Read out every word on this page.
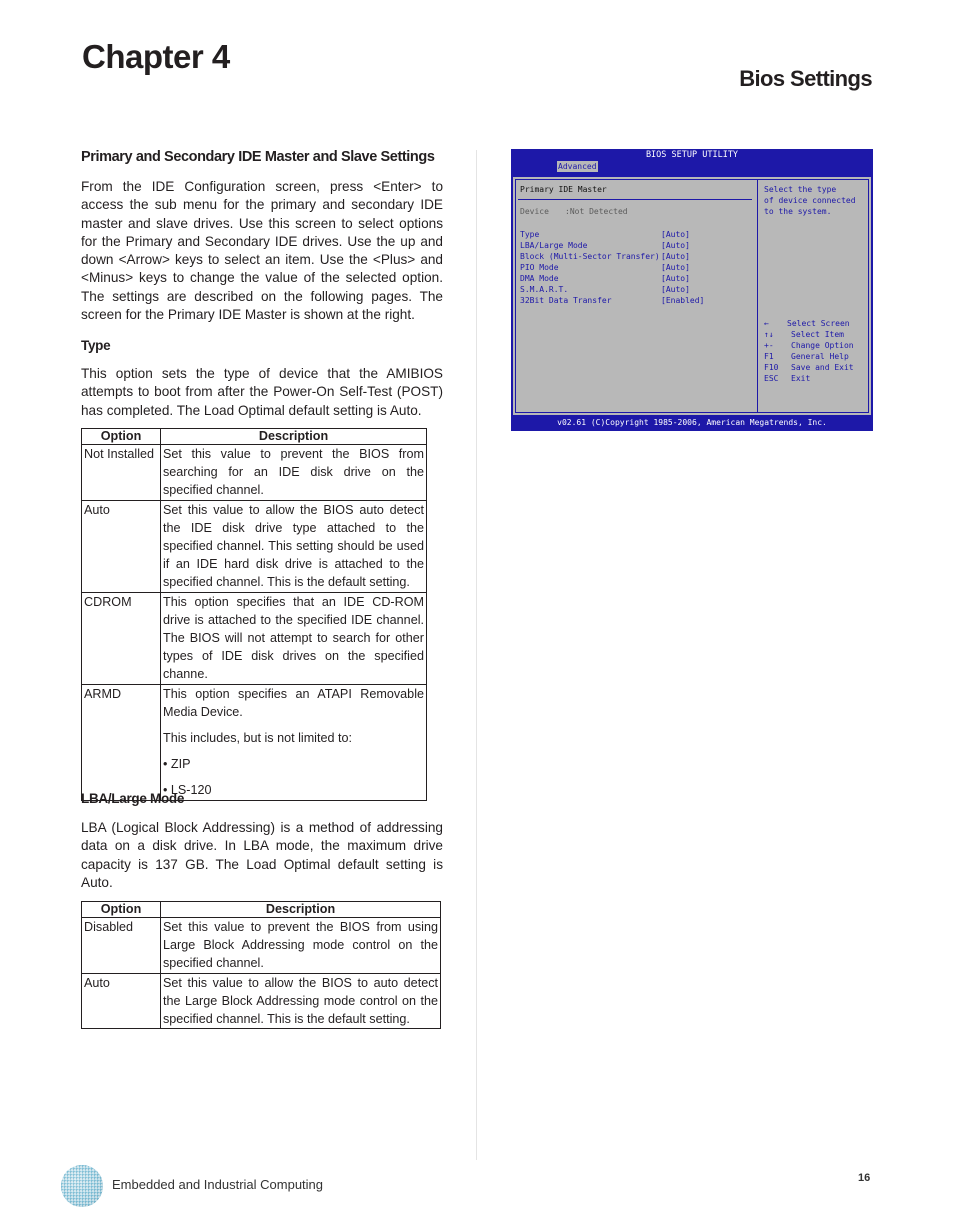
Chapter 4
Bios Settings
Primary and Secondary IDE Master and Slave Settings
From the IDE Configuration screen, press <Enter> to access the sub menu for the primary and secondary IDE master and slave drives. Use this screen to select options for the Primary and Secondary IDE drives. Use the up and down <Arrow> keys to select an item. Use the <Plus> and <Minus> keys to change the value of the selected option. The settings are described on the following pages. The screen for the Primary IDE Master is shown at the right.
Type
This option sets the type of device that the AMIBIOS attempts to boot from after the Power-On Self-Test (POST) has completed. The Load Optimal default setting is Auto.
Option	Description
Not Installed	Set this value to prevent the BIOS from searching for an IDE disk drive on the specified channel.

Auto	Set this value to allow the BIOS auto detect the IDE disk drive type attached to the specified channel. This setting should be used if an IDE hard disk drive is attached to the specified channel. This is the default setting.

CDROM	This option specifies that an IDE CD-ROM drive is attached to the specified IDE channel. The BIOS will not attempt to search for other types of IDE disk drives on the specified channe.

ARMD	This option specifies an ATAPI Removable Media Device.

This includes, but is not limited to:

• ZIP

• LS-120

LBA/Large Mode
LBA (Logical Block Addressing) is a method of addressing data on a disk drive. In LBA mode, the maximum drive capacity is 137 GB. The Load Optimal default setting is Auto.
Option	Description
Disabled	Set this value to prevent the BIOS from using Large Block Addressing mode control on the specified channel.

Auto	Set this value to allow the BIOS to auto detect the Large Block Addressing mode control on the specified channel. This is the default setting.

BIOS SETUP UTILITY
Advanced
Primary IDE Master
Device :Not Detected
Type	[Auto]
LBA/Large Mode	[Auto]
Block (Multi-Sector Transfer) [Auto]
PIO Mode	[Auto]
DMA Mode	[Auto]
S.M.A.R.T.	[Auto]
32Bit Data Transfer	[Enabled]
Select the type
of device connected
to the system.
← Select Screen
↑↓ Select Item
+- Change Option
F1 General Help
F10 Save and Exit
ESC Exit
v02.61 (C)Copyright 1985-2006, American Megatrends, Inc.
Embedded and Industrial Computing	16
